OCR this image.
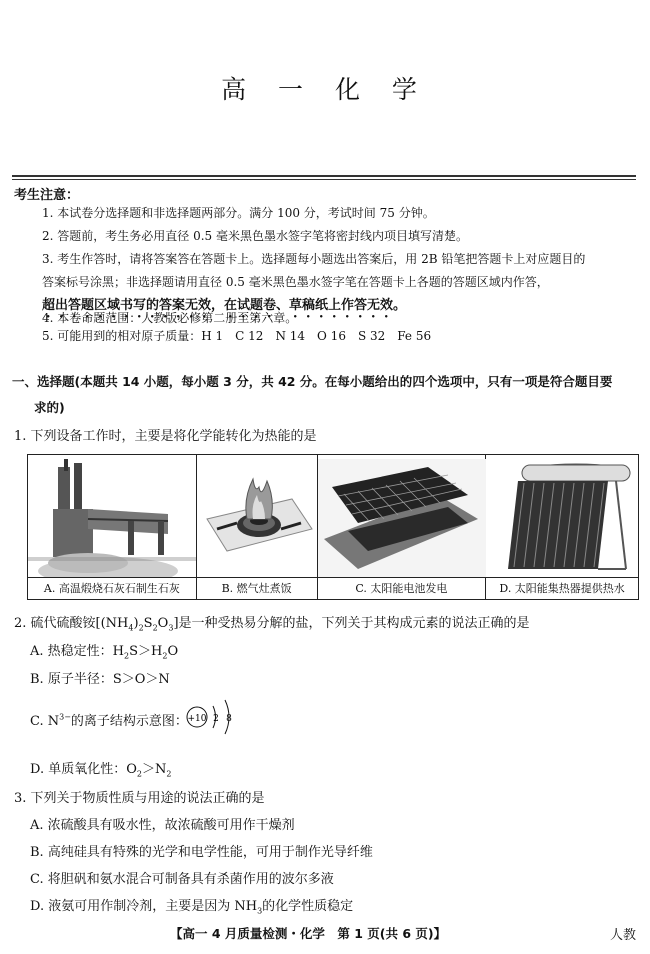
高 一 化 学
考生注意：
1. 本试卷分选择题和非选择题两部分。满分 100 分，考试时间 75 分钟。
2. 答题前，考生务必用直径 0.5 毫米黑色墨水签字笔将密封线内项目填写清楚。
3. 考生作答时，请将答案答在答题卡上。选择题每小题选出答案后，用 2B 铅笔把答题卡上对应题目的
答案标号涂黑；非选择题请用直径 0.5 毫米黑色墨水签字笔在答题卡上各题的答题区域内作答，
超出答题区域书写的答案无效，在试题卷、草稿纸上作答无效。
4. 本卷命题范围：人教版必修第二册至第六章。
5. 可能用到的相对原子质量：H 1　C 12　N 14　O 16　S 32　Fe 56
一、选择题(本题共 14 小题，每小题 3 分，共 42 分。在每小题给出的四个选项中，只有一项是符合题目要
求的)
1. 下列设备工作时，主要是将化学能转化为热能的是
A. 高温煅烧石灰石制生石灰	B. 燃气灶煮饭	C. 太阳能电池发电	D. 太阳能集热器提供热水
2. 硫代硫酸铵$[(NH_4)_2S_2O_3]$是一种受热易分解的盐，下列关于其构成元素的说法正确的是
A. 热稳定性：$H_2S>H_2O$
B. 原子半径：S＞O＞N
C. $N^{3-}$的离子结构示意图： +10 2 8
D. 单质氧化性：$O_2>N_2$
3. 下列关于物质性质与用途的说法正确的是
A. 浓硫酸具有吸水性，故浓硫酸可用作干燥剂
B. 高纯硅具有特殊的光学和电学性能，可用于制作光导纤维
C. 将胆矾和氨水混合可制备具有杀菌作用的波尔多液
D. 液氨可用作制冷剂，主要是因为 $NH_3$的化学性质稳定
【高一 4 月质量检测・化学　第 1 页(共 6 页)】	人教
